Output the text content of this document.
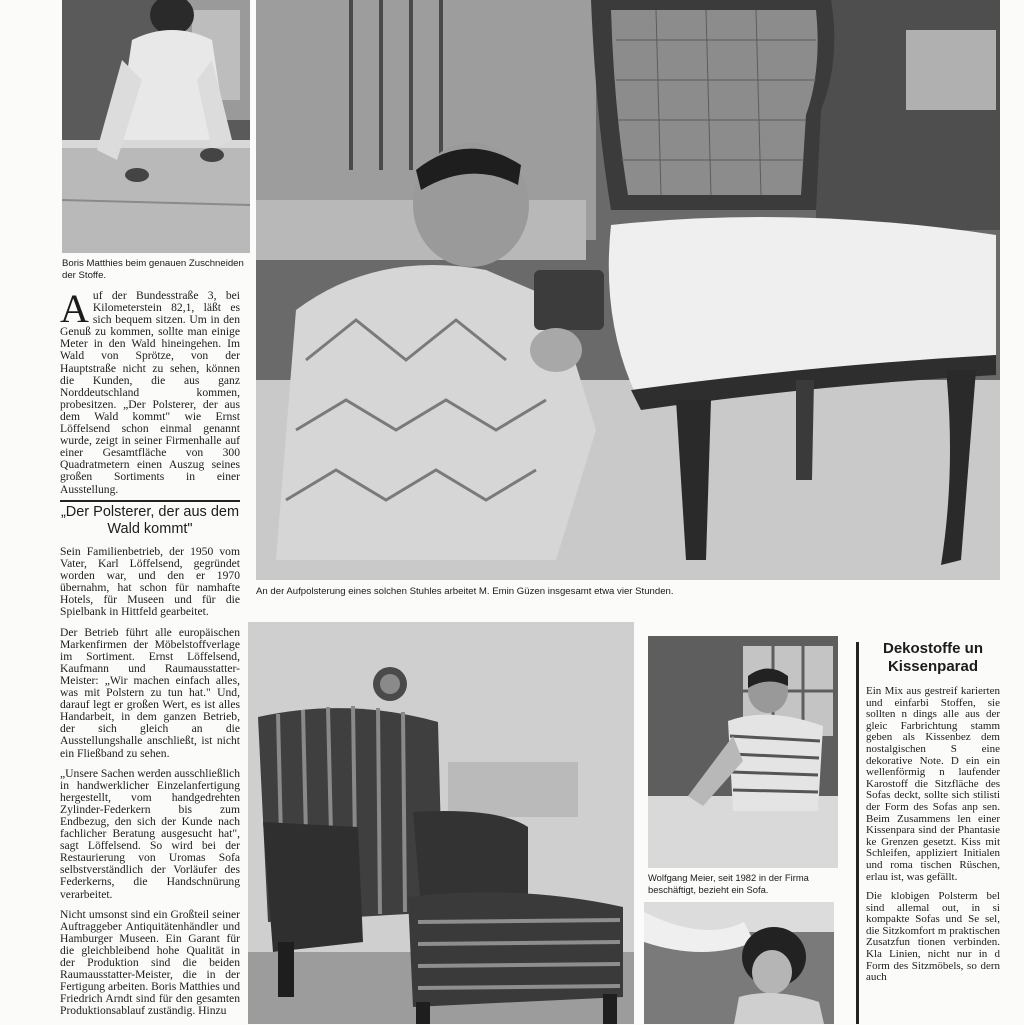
Boris Matthies beim genauen Zuschneiden der Stoffe.
An der Aufpolsterung eines solchen Stuhles arbeitet M. Emin Güzen insgesamt etwa vier Stunden.
Auf der Bundesstraße 3, bei Kilometerstein 82,1, läßt es sich bequem sitzen. Um in den Genuß zu kommen, sollte man einige Meter in den Wald hineingehen. Im Wald von Sprötze, von der Hauptstraße nicht zu sehen, können die Kunden, die aus ganz Norddeutschland kommen, probesitzen. „Der Polsterer, der aus dem Wald kommt" wie Ernst Löffelsend schon einmal genannt wurde, zeigt in seiner Firmenhalle auf einer Gesamtfläche von 300 Quadratmetern einen Auszug seines großen Sortiments in einer Ausstellung.
„Der Polsterer, der aus dem Wald kommt"

Sein Familienbetrieb, der 1950 vom Vater, Karl Löffelsend, gegründet worden war, und den er 1970 übernahm, hat schon für namhafte Hotels, für Museen und für die Spielbank in Hittfeld gearbeitet.

Der Betrieb führt alle europäischen Markenfirmen der Möbelstoffverlage im Sortiment. Ernst Löffelsend, Kaufmann und Raumausstatter-Meister: „Wir machen einfach alles, was mit Polstern zu tun hat." Und, darauf legt er großen Wert, es ist alles Handarbeit, in dem ganzen Betrieb, der sich gleich an die Ausstellungshalle anschließt, ist nicht ein Fließband zu sehen.

„Unsere Sachen werden ausschließlich in handwerklicher Einzelanfertigung hergestellt, vom handgedrehten Zylinder-Federkern bis zum Endbezug, den sich der Kunde nach fachlicher Beratung ausgesucht hat", sagt Löffelsend. So wird bei der Restaurierung von Uromas Sofa selbstverständlich der Vorläufer des Federkerns, die Handschnürung verarbeitet.

Nicht umsonst sind ein Großteil seiner Auftraggeber Antiquitätenhändler und Hamburger Museen. Ein Garant für die gleichbleibend hohe Qualität in der Produktion sind die beiden Raumausstatter-Meister, die in der Fertigung arbeiten. Boris Matthies und Friedrich Arndt sind für den gesamten Produktionsablauf zuständig. Hinzu

Wolfgang Meier, seit 1982 in der Firma beschäftigt, bezieht ein Sofa.
Dekostoffe un
Kissenparad

Ein Mix aus gestreif karierten und einfarbi Stoffen, sie sollten n dings alle aus der gleic Farbrichtung stamm geben als Kissenbez dem nostalgischen S eine dekorative Note. D ein ein wellenförmig n laufender Karostoff die Sitzfläche des Sofas deckt, sollte sich stilisti der Form des Sofas anp sen. Beim Zusammens len einer Kissenpara sind der Phantasie ke Grenzen gesetzt. Kiss mit Schleifen, appliziert Initialen und roma tischen Rüschen, erlau ist, was gefällt.

Die klobigen Polsterm bel sind allemal out, in si kompakte Sofas und Se sel, die Sitzkomfort m praktischen Zusatzfun tionen verbinden. Kla Linien, nicht nur in d Form des Sitzmöbels, so dern auch
